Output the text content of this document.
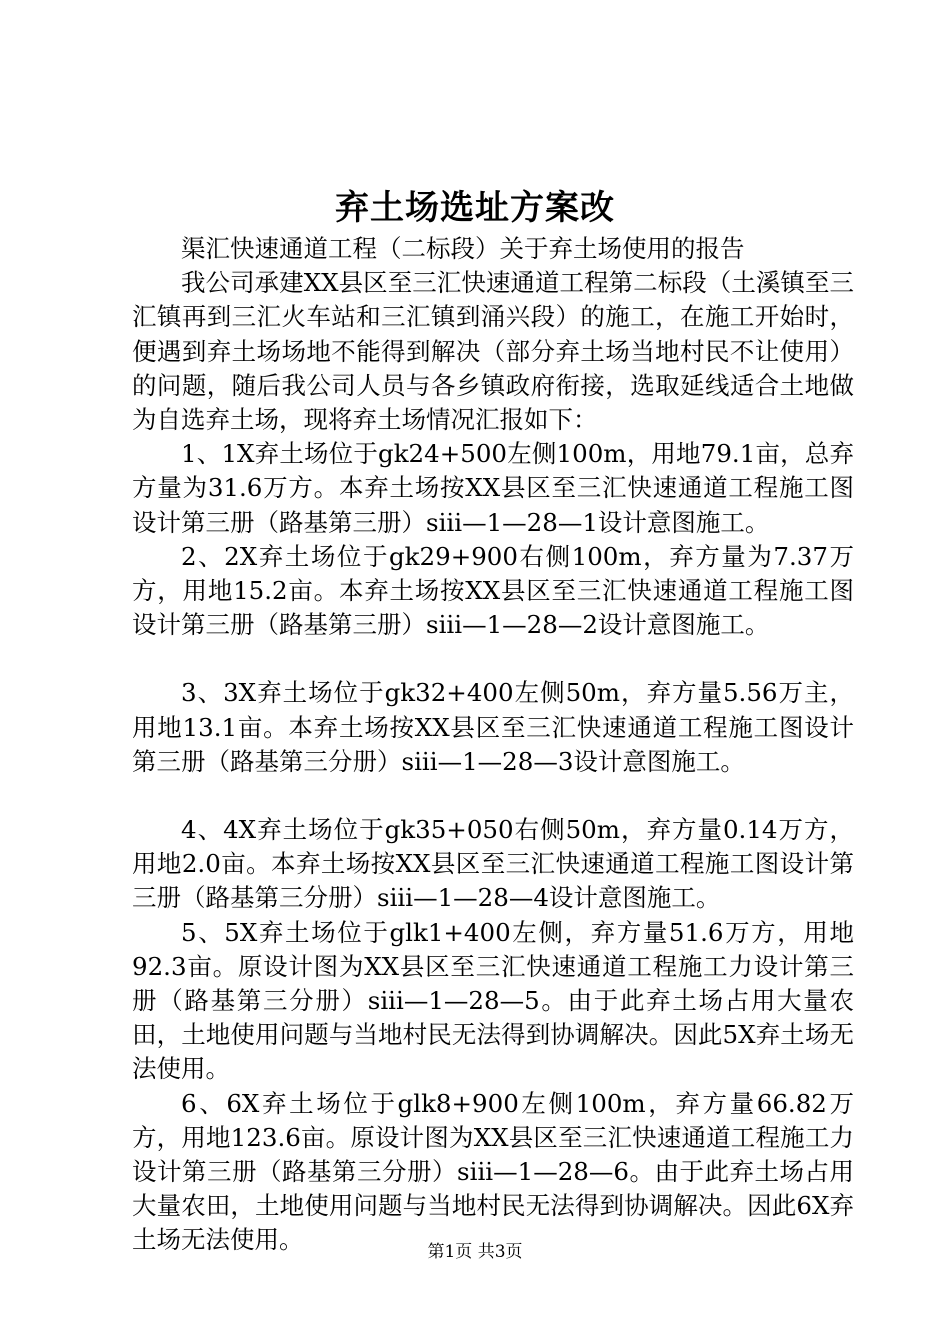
弃土场选址方案改

渠汇快速通道工程（二标段）关于弃土场使用的报告

我公司承建XX县区至三汇快速通道工程第二标段（土溪镇至三汇镇再到三汇火车站和三汇镇到涌兴段）的施工，在施工开始时，便遇到弃土场场地不能得到解决（部分弃土场当地村民不让使用）的问题，随后我公司人员与各乡镇政府衔接，选取延线适合土地做为自选弃土场，现将弃土场情况汇报如下：

1、1X弃土场位于gk24+500左侧100m，用地79.1亩，总弃方量为31.6万方。本弃土场按XX县区至三汇快速通道工程施工图设计第三册（路基第三册）siii—1—28—1设计意图施工。

2、2X弃土场位于gk29+900右侧100m，弃方量为7.37万方，用地15.2亩。本弃土场按XX县区至三汇快速通道工程施工图设计第三册（路基第三册）siii—1—28—2设计意图施工。

3、3X弃土场位于gk32+400左侧50m，弃方量5.56万主，用地13.1亩。本弃土场按XX县区至三汇快速通道工程施工图设计第三册（路基第三分册）siii—1—28—3设计意图施工。

4、4X弃土场位于gk35+050右侧50m，弃方量0.14万方，用地2.0亩。本弃土场按XX县区至三汇快速通道工程施工图设计第三册（路基第三分册）siii—1—28—4设计意图施工。

5、5X弃土场位于glk1+400左侧，弃方量51.6万方，用地92.3亩。原设计图为XX县区至三汇快速通道工程施工力设计第三册（路基第三分册）siii—1—28—5。由于此弃土场占用大量农田，土地使用问题与当地村民无法得到协调解决。因此5X弃土场无法使用。

6、6X弃土场位于glk8+900左侧100m，弃方量66.82万方，用地123.6亩。原设计图为XX县区至三汇快速通道工程施工力设计第三册（路基第三分册）siii—1—28—6。由于此弃土场占用大量农田，土地使用问题与当地村民无法得到协调解决。因此6X弃土场无法使用。	第1页 共3页
